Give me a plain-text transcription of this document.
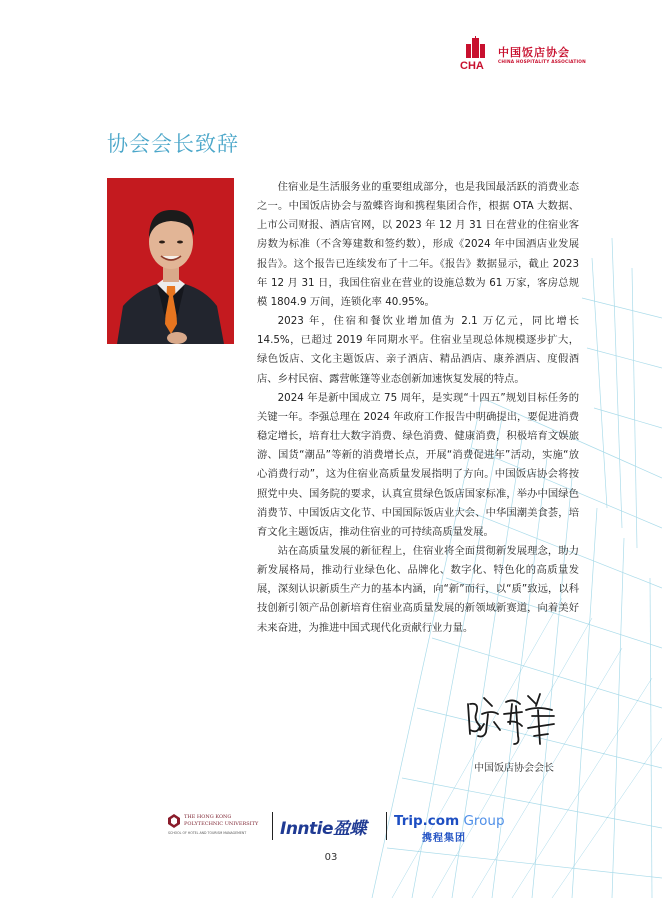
CHA
中国饭店协会
CHINA HOSPITALITY ASSOCIATION
协会会长致辞

住宿业是生活服务业的重要组成部分，也是我国最活跃的消费业态之一。中国饭店协会与盈蝶咨询和携程集团合作，根据 OTA 大数据、上市公司财报、酒店官网，以 2023 年 12 月 31 日在营业的住宿业客房数为标准（不含筹建数和签约数），形成《2024 年中国酒店业发展报告》。这个报告已连续发布了十二年。《报告》数据显示，截止 2023 年 12 月 31 日，我国住宿业在营业的设施总数为 61 万家，客房总规模 1804.9 万间，连锁化率 40.95%。

2023 年，住宿和餐饮业增加值为 2.1 万亿元，同比增长 14.5%，已超过 2019 年同期水平。住宿业呈现总体规模逐步扩大，绿色饭店、文化主题饭店、亲子酒店、精品酒店、康养酒店、度假酒店、乡村民宿、露营帐篷等业态创新加速恢复发展的特点。

2024 年是新中国成立 75 周年，是实现“十四五”规划目标任务的关键一年。李强总理在 2024 年政府工作报告中明确提出，要促进消费稳定增长，培育壮大数字消费、绿色消费、健康消费，积极培育文娱旅游、国货“潮品”等新的消费增长点，开展“消费促进年”活动，实施“放心消费行动”，这为住宿业高质量发展指明了方向。中国饭店协会将按照党中央、国务院的要求，认真宣贯绿色饭店国家标准，举办中国绿色消费节、中国饭店文化节、中国国际饭店业大会、中华国潮美食荟，培育文化主题饭店，推动住宿业的可持续高质量发展。

站在高质量发展的新征程上，住宿业将全面贯彻新发展理念，助力新发展格局，推动行业绿色化、品牌化、数字化、特色化的高质量发展，深刻认识新质生产力的基本内涵，向“新”而行，以“质”致远，以科技创新引领产品创新培育住宿业高质量发展的新领域新赛道，向着美好未来奋进，为推进中国式现代化贡献行业力量。

中国饭店协会会长
THE HONG KONG
POLYTECHNIC UNIVERSITY
SCHOOL OF HOTEL AND TOURISM MANAGEMENT Inntie盈蝶 Trip.com Group
携程集团
03
